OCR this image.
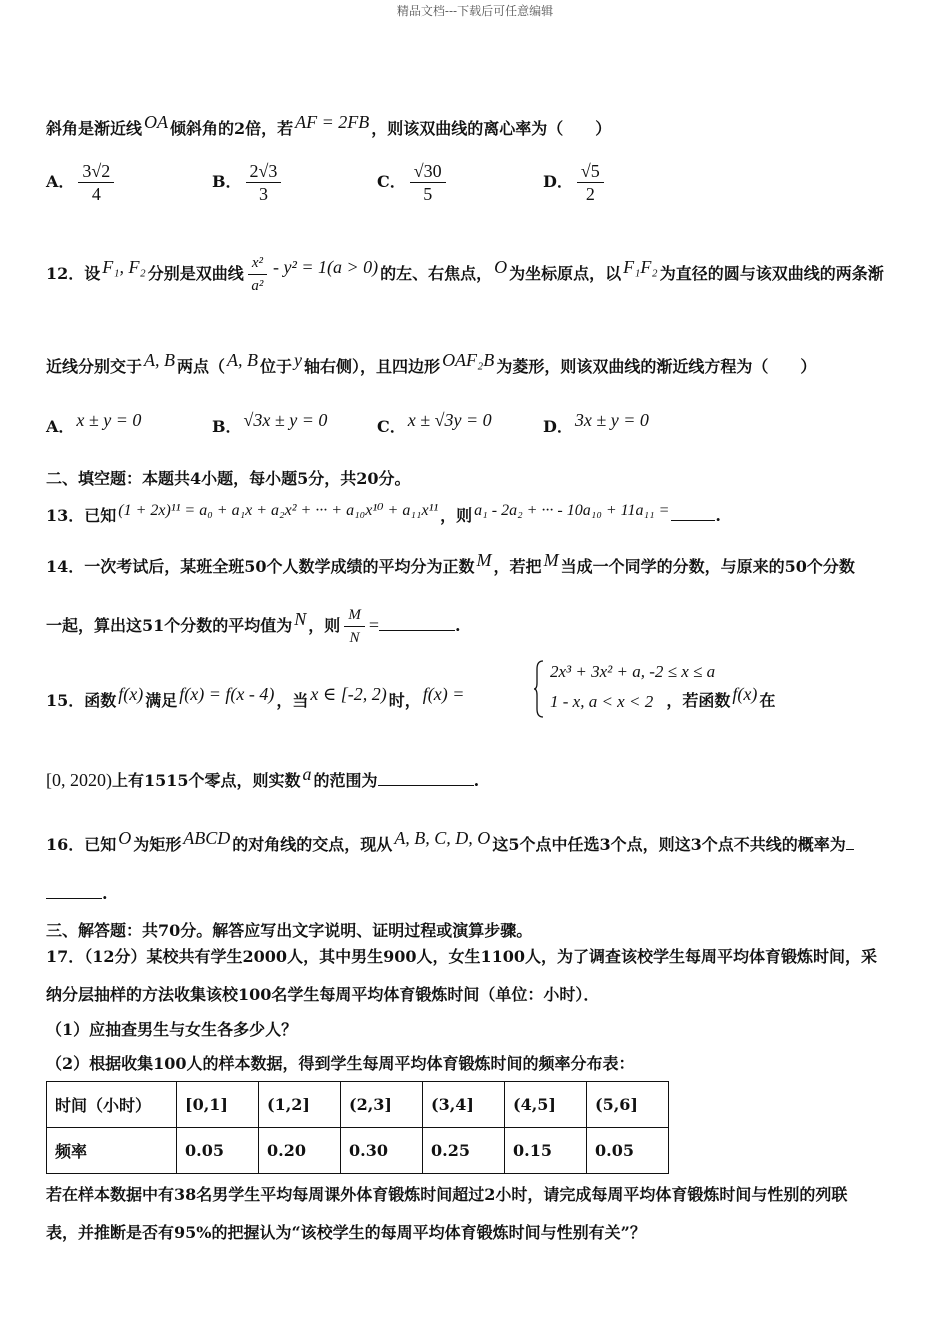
精品文档---下载后可任意编辑
斜角是渐近线 OA 倾斜角的2倍，若 AF = 2FB ，则该双曲线的离心率为（　　）
A． $\frac{3√2}{4}$	B． $\frac{2√3}{3}$	C． $\frac{√30}{5}$	D． $\frac{√5}{2}$
12．设 F₁, F₂ 分别是双曲线 $\frac{\text{x²}}{\text{a²}} - y^2 = 1(a > 0)$ 的左、右焦点， O 为坐标原点，以 F₁F₂ 为直径的圆与该双曲线的两条渐
近线分别交于 A, B 两点（ A, B 位于 y 轴右侧），且四边形 OAF₂B 为菱形，则该双曲线的渐近线方程为（　　）
A． x ± y = 0	B． √3x ± y = 0	C． x ± √3y = 0	D． 3x ± y = 0
二、填空题：本题共4小题，每小题5分，共20分。
13．已知 (1 + 2x)¹¹ = a₀ + a₁x + a₂x² + ··· + a₁₀x¹⁰ + a₁₁x¹¹ ，则 a₁ - 2a₂ + ··· - 10a₁₀ + 11a₁₁ =	.
14．一次考试后，某班全班50个人数学成绩的平均分为正数 M ，若把 M 当成一个同学的分数，与原来的50个分数
一起，算出这51个分数的平均值为 N ，则 $\frac{M}{N}$ =	.
15．函数 f(x) 满足 f(x) = f(x - 4) ，当 x ∈ [-2, 2) 时， f(x) =	，若函数 f(x) 在
2x³ + 3x² + a, -2 ≤ x ≤ a
1 - x, a < x < 2
[0, 2020)上有1515个零点，则实数 a 的范围为	.
16．已知 O 为矩形 ABCD 的对角线的交点，现从 A, B, C, D, O 这5个点中任选3个点，则这3个点不共线的概率为
.
三、解答题：共70分。解答应写出文字说明、证明过程或演算步骤。
17．（12分）某校共有学生2000人，其中男生900人，女生1100人，为了调查该校学生每周平均体育锻炼时间，采
纳分层抽样的方法收集该校100名学生每周平均体育锻炼时间（单位：小时）．
（1）应抽查男生与女生各多少人？
（2）根据收集100人的样本数据，得到学生每周平均体育锻炼时间的频率分布表：
时间（小时）	[0,1]	(1,2]	(2,3]	(3,4]	(4,5]	(5,6]
频率	0.05	0.20	0.30	0.25	0.15	0.05
若在样本数据中有38名男学生平均每周课外体育锻炼时间超过2小时，请完成每周平均体育锻炼时间与性别的列联
表，并推断是否有95%的把握认为“该校学生的每周平均体育锻炼时间与性别有关”？
